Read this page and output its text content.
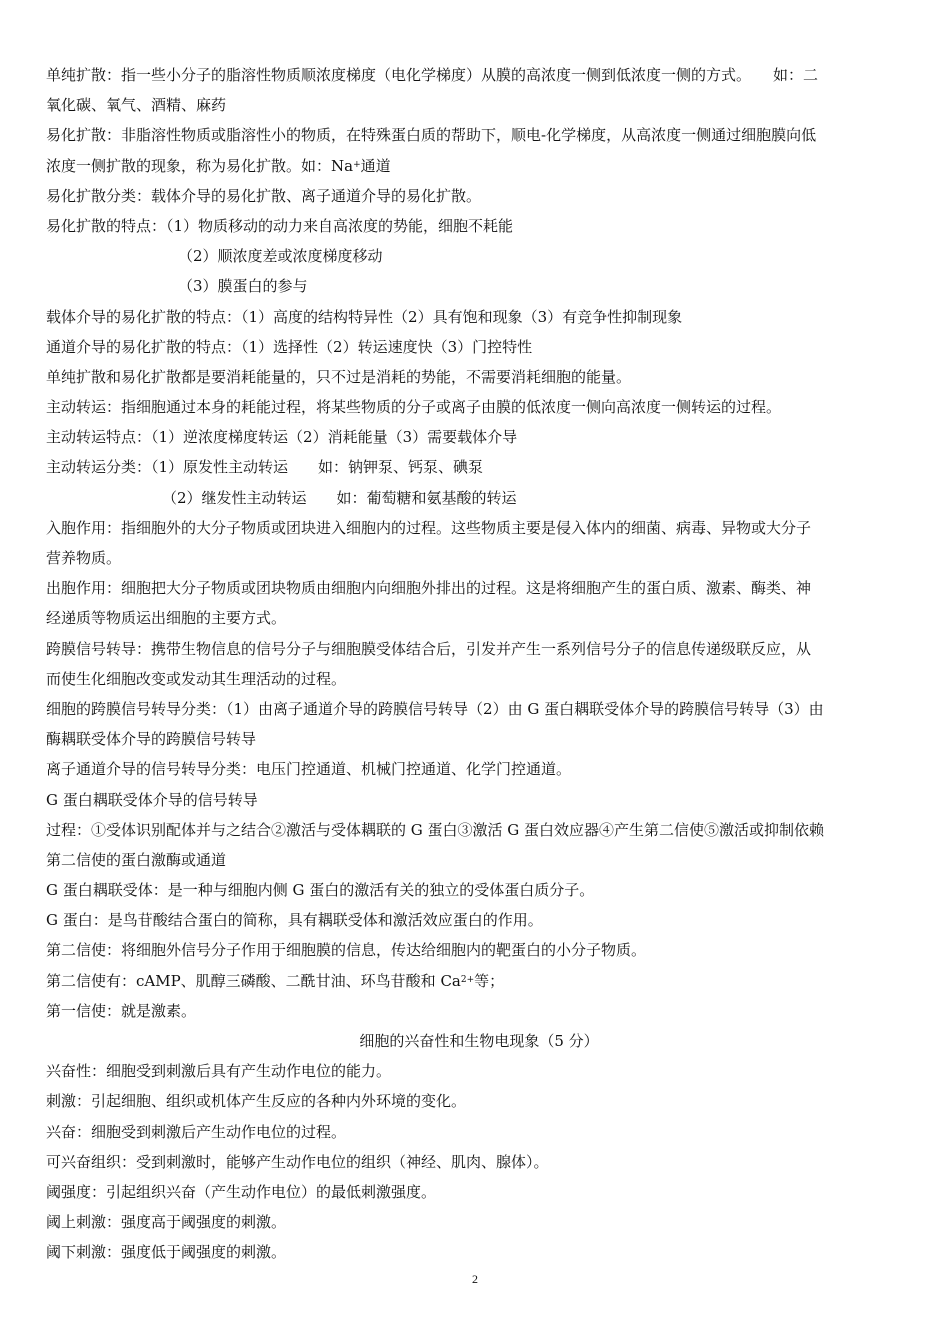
单纯扩散：指一些小分子的脂溶性物质顺浓度梯度（电化学梯度）从膜的高浓度一侧到低浓度一侧的方式。 如：二
氧化碳、氧气、酒精、麻药
易化扩散：非脂溶性物质或脂溶性小的物质，在特殊蛋白质的帮助下，顺电-化学梯度，从高浓度一侧通过细胞膜向低
浓度一侧扩散的现象，称为易化扩散。如：Na+通道
易化扩散分类：载体介导的易化扩散、离子通道介导的易化扩散。
易化扩散的特点：（1）物质移动的动力来自高浓度的势能，细胞不耗能
（2）顺浓度差或浓度梯度移动
（3）膜蛋白的参与
载体介导的易化扩散的特点：（1）高度的结构特异性（2）具有饱和现象（3）有竞争性抑制现象
通道介导的易化扩散的特点：（1）选择性（2）转运速度快（3）门控特性
单纯扩散和易化扩散都是要消耗能量的，只不过是消耗的势能，不需要消耗细胞的能量。
主动转运：指细胞通过本身的耗能过程，将某些物质的分子或离子由膜的低浓度一侧向高浓度一侧转运的过程。
主动转运特点：（1）逆浓度梯度转运（2）消耗能量（3）需要载体介导
主动转运分类：（1）原发性主动转运 如：钠钾泵、钙泵、碘泵
（2）继发性主动转运 如：葡萄糖和氨基酸的转运
入胞作用：指细胞外的大分子物质或团块进入细胞内的过程。这些物质主要是侵入体内的细菌、病毒、异物或大分子
营养物质。
出胞作用：细胞把大分子物质或团块物质由细胞内向细胞外排出的过程。这是将细胞产生的蛋白质、激素、酶类、神
经递质等物质运出细胞的主要方式。
跨膜信号转导：携带生物信息的信号分子与细胞膜受体结合后，引发并产生一系列信号分子的信息传递级联反应，从
而使生化细胞改变或发动其生理活动的过程。
细胞的跨膜信号转导分类：（1）由离子通道介导的跨膜信号转导（2）由 G 蛋白耦联受体介导的跨膜信号转导（3）由
酶耦联受体介导的跨膜信号转导
离子通道介导的信号转导分类：电压门控通道、机械门控通道、化学门控通道。
G 蛋白耦联受体介导的信号转导
过程：①受体识别配体并与之结合②激活与受体耦联的 G 蛋白③激活 G 蛋白效应器④产生第二信使⑤激活或抑制依赖
第二信使的蛋白激酶或通道
G 蛋白耦联受体：是一种与细胞内侧 G 蛋白的激活有关的独立的受体蛋白质分子。
G 蛋白：是鸟苷酸结合蛋白的简称，具有耦联受体和激活效应蛋白的作用。
第二信使：将细胞外信号分子作用于细胞膜的信息，传达给细胞内的靶蛋白的小分子物质。
第二信使有：cAMP、肌醇三磷酸、二酰甘油、环鸟苷酸和 $Ca^{2+}$等；
第一信使：就是激素。
细胞的兴奋性和生物电现象（5 分）
兴奋性：细胞受到刺激后具有产生动作电位的能力。
刺激：引起细胞、组织或机体产生反应的各种内外环境的变化。
兴奋：细胞受到刺激后产生动作电位的过程。
可兴奋组织：受到刺激时，能够产生动作电位的组织（神经、肌肉、腺体）。
阈强度：引起组织兴奋（产生动作电位）的最低刺激强度。
阈上刺激：强度高于阈强度的刺激。
阈下刺激：强度低于阈强度的刺激。
2
